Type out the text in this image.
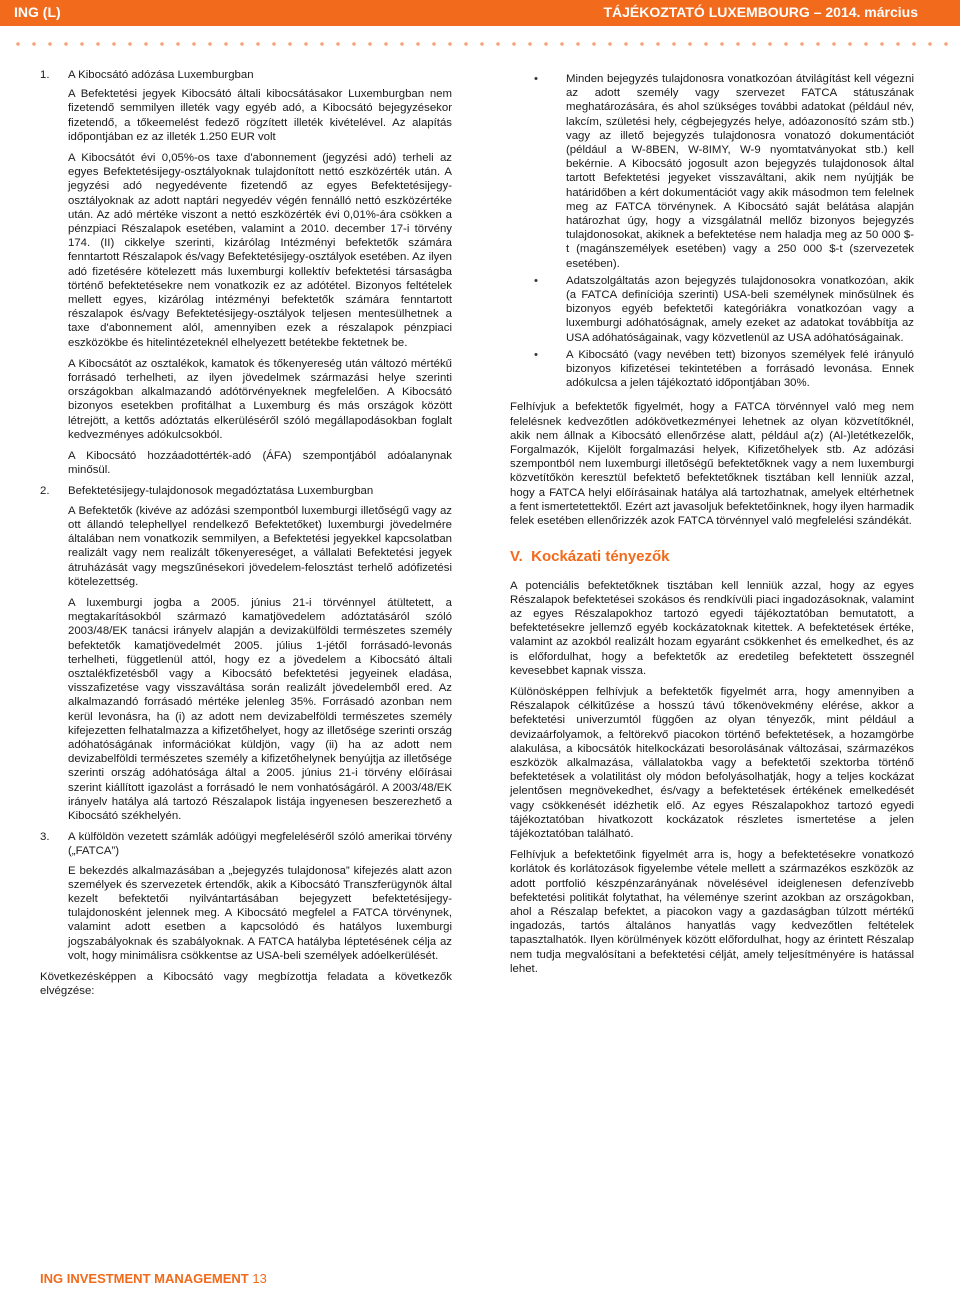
ING (L)	TÁJÉKOZTATÓ LUXEMBOURG – 2014. március
1. A Kibocsátó adózása Luxemburgban

A Befektetési jegyek Kibocsátó általi kibocsátásakor Luxemburgban nem fizetendő semmilyen illeték vagy egyéb adó, a Kibocsátó bejegyzésekor fizetendő, a tőkeemelést fedező rögzített illeték kivételével. Az alapítás időpontjában ez az illeték 1.250 EUR volt

A Kibocsátót évi 0,05%-os taxe d'abonnement (jegyzési adó) terheli az egyes Befektetésijegy-osztályoknak tulajdonított nettó eszközérték után. A jegyzési adó negyedévente fizetendő az egyes Befektetésijegy-osztályoknak az adott naptári negyedév végén fennálló nettó eszközértéke után. Az adó mértéke viszont a nettó eszközérték évi 0,01%-ára csökken a pénzpiaci Részalapok esetében, valamint a 2010. december 17-i törvény 174. (II) cikkelye szerinti, kizárólag Intézményi befektetők számára fenntartott Részalapok és/vagy Befektetésijegy-osztályok esetében. Az ilyen adó fizetésére kötelezett más luxemburgi kollektív befektetési társaságba történő befektetésekre nem vonatkozik ez az adótétel. Bizonyos feltételek mellett egyes, kizárólag intézményi befektetők számára fenntartott részalapok és/vagy Befektetésijegy-osztályok teljesen mentesülhetnek a taxe d'abonnement alól, amennyiben ezek a részalapok pénzpiaci eszközökbe és hitelintézeteknél elhelyezett betétekbe fektetnek be.

A Kibocsátót az osztalékok, kamatok és tőkenyereség után változó mértékű forrásadó terhelheti, az ilyen jövedelmek származási helye szerinti országokban alkalmazandó adótörvényeknek megfelelően. A Kibocsátó bizonyos esetekben profitálhat a Luxemburg és más országok között létrejött, a kettős adóztatás elkerüléséről szóló megállapodásokban foglalt kedvezményes adókulcsokból.

A Kibocsátó hozzáadottérték-adó (ÁFA) szempontjából adóalanynak minősül.

2. Befektetésijegy-tulajdonosok megadóztatása Luxemburgban

A Befektetők (kivéve az adózási szempontból luxemburgi illetőségű vagy az ott állandó telephellyel rendelkező Befektetőket) luxemburgi jövedelmére általában nem vonatkozik semmilyen, a Befektetési jegyekkel kapcsolatban realizált vagy nem realizált tőkenyereséget, a vállalati Befektetési jegyek átruházását vagy megszűnésekori jövedelem-felosztást terhelő adófizetési kötelezettség.

A luxemburgi jogba a 2005. június 21-i törvénnyel átültetett, a megtakarításokból származó kamatjövedelem adóztatásáról szóló 2003/48/EK tanácsi irányelv alapján a devizakülföldi természetes személy befektetők kamatjövedelmét 2005. július 1-jétől forrásadó-levonás terhelheti, függetlenül attól, hogy ez a jövedelem a Kibocsátó általi osztalékfizetésből vagy a Kibocsátó befektetési jegyeinek eladása, visszafizetése vagy visszaváltása során realizált jövedelemből ered. Az alkalmazandó forrásadó mértéke jelenleg 35%. Forrásadó azonban nem kerül levonásra, ha (i) az adott nem devizabelföldi természetes személy kifejezetten felhatalmazza a kifizetőhelyet, hogy az illetősége szerinti ország adóhatóságának információkat küldjön, vagy (ii) ha az adott nem devizabelföldi természetes személy a kifizetőhelynek benyújtja az illetősége szerinti ország adóhatósága által a 2005. június 21-i törvény előírásai szerint kiállított igazolást a forrásadó le nem vonhatóságáról. A 2003/48/EK irányelv hatálya alá tartozó Részalapok listája ingyenesen beszerezhető a Kibocsátó székhelyén.

3. A külföldön vezetett számlák adóügyi megfeleléséről szóló amerikai törvény („FATCA”)

E bekezdés alkalmazásában a „bejegyzés tulajdonosa” kifejezés alatt azon személyek és szervezetek értendők, akik a Kibocsátó Transzferügynök által kezelt befektetői nyilvántartásában bejegyzett befektetésijegy-tulajdonosként jelennek meg. A Kibocsátó megfelel a FATCA törvénynek, valamint adott esetben a kapcsolódó és hatályos luxemburgi jogszabályoknak és szabályoknak. A FATCA hatályba léptetésének célja az volt, hogy minimálisra csökkentse az USA-beli személyek adóelkerülését.

Következésképpen a Kibocsátó vagy megbízottja feladata a következők elvégzése:

• Minden bejegyzés tulajdonosra vonatkozóan átvilágítást kell végezni az adott személy vagy szervezet FATCA státuszának meghatározására, és ahol szükséges további adatokat (például név, lakcím, születési hely, cégbejegyzés helye, adóazonosító szám stb.) vagy az illető bejegyzés tulajdonosra vonatozó dokumentációt (például a W-8BEN, W-8IMY, W-9 nyomtatványokat stb.) kell bekérnie. A Kibocsátó jogosult azon bejegyzés tulajdonosok által tartott Befektetési jegyeket visszaváltani, akik nem nyújtják be határidőben a kért dokumentációt vagy akik másodmon tem felelnek meg az FATCA törvénynek. A Kibocsátó saját belátása alapján határozhat úgy, hogy a vizsgálatnál mellőz bizonyos bejegyzés tulajdonosokat, akiknek a befektetése nem haladja meg az 50 000 $-t (magánszemélyek esetében) vagy a 250 000 $-t (szervezetek esetében).
• Adatszolgáltatás azon bejegyzés tulajdonosokra vonatkozóan, akik (a FATCA definíciója szerinti) USA-beli személynek minősülnek és bizonyos egyéb befektetői kategóriákra vonatkozóan vagy a luxemburgi adóhatóságnak, amely ezeket az adatokat továbbítja az USA adóhatóságainak, vagy közvetlenül az USA adóhatóságainak.
• A Kibocsátó (vagy nevében tett) bizonyos személyek felé irányuló bizonyos kifizetései tekintetében a forrásadó levonása. Ennek adókulcsa a jelen tájékoztató időpontjában 30%.

Felhívjuk a befektetők figyelmét, hogy a FATCA törvénnyel való meg nem felelésnek kedvezőtlen adókövetkezményei lehetnek az olyan közvetítőknél, akik nem állnak a Kibocsátó ellenőrzése alatt, például a(z) (Al-)letétkezelők, Forgalmazók, Kijelölt forgalmazási helyek, Kifizetőhelyek stb. Az adózási szempontból nem luxemburgi illetőségű befektetőknek vagy a nem luxemburgi közvetítőkön keresztül befektető befektetőknek tisztában kell lenniük azzal, hogy a FATCA helyi előírásainak hatálya alá tartozhatnak, amelyek eltérhetnek a fent ismertetettektől. Ezért azt javasoljuk befektetőinknek, hogy ilyen harmadik felek esetében ellenőrizzék azok FATCA törvénnyel való megfelelési szándékát.

V.  Kockázati tényezők

A potenciális befektetőknek tisztában kell lenniük azzal, hogy az egyes Részalapok befektetései szokásos és rendkívüli piaci ingadozásoknak, valamint az egyes Részalapokhoz tartozó egyedi tájékoztatóban bemutatott, a befektetésekre jellemző egyéb kockázatoknak kitettek. A befektetések értéke, valamint az azokból realizált hozam egyaránt csökkenhet és emelkedhet, és az is előfordulhat, hogy a befektetők az eredetileg befektetett összegnél kevesebbet kapnak vissza.

Különösképpen felhívjuk a befektetők figyelmét arra, hogy amennyiben a Részalapok célkitűzése a hosszú távú tőkenövekmény elérése, akkor a befektetési univerzumtól függően az olyan tényezők, mint például a devizaárfolyamok, a feltörekvő piacokon történő befektetések, a hozamgörbe alakulása, a kibocsátók hitelkockázati besorolásának változásai, származékos eszközök alkalmazása, vállalatokba vagy a befektetői szektorba történő befektetések a volatilitást oly módon befolyásolhatják, hogy a teljes kockázat jelentősen megnövekedhet, és/vagy a befektetések értékének emelkedését vagy csökkenését idézhetik elő. Az egyes Részalapokhoz tartozó egyedi tájékoztatóban hivatkozott kockázatok részletes ismertetése a jelen tájékoztatóban található.

Felhívjuk a befektetőink figyelmét arra is, hogy a befektetésekre vonatkozó korlátok és korlátozások figyelembe vétele mellett a származékos eszközök az adott portfolió készpénzarányának növelésével ideiglenesen defenzívebb befektetési politikát folytathat, ha véleménye szerint azokban az országokban, ahol a Részalap befektet, a piacokon vagy a gazdaságban túlzott mértékű ingadozás, tartós általános hanyatlás vagy kedvezőtlen feltételek tapasztalhatók. Ilyen körülmények között előfordulhat, hogy az érintett Részalap nem tudja megvalósítani a befektetési célját, amely teljesítményére is hatással lehet.

ING INVESTMENT MANAGEMENT 13
